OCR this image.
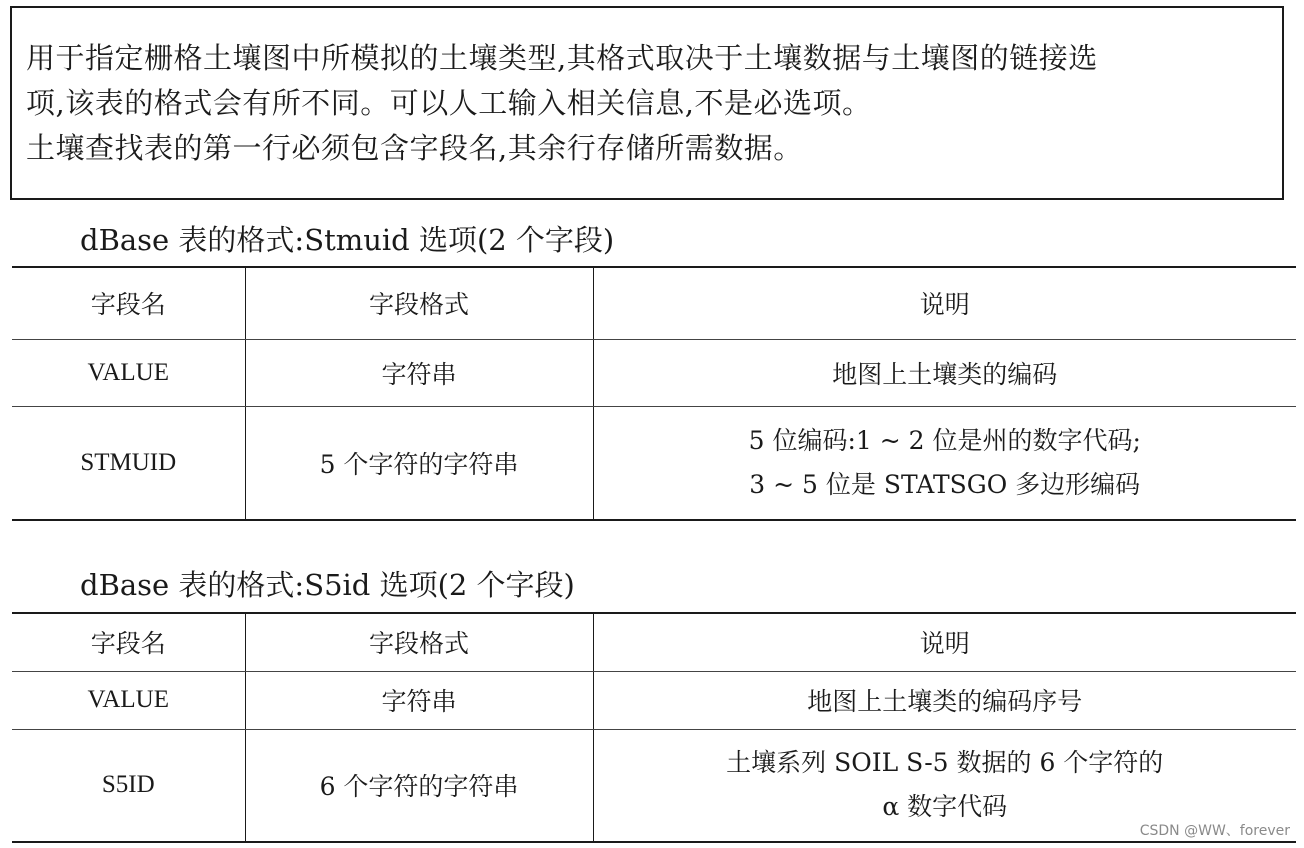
用于指定栅格土壤图中所模拟的土壤类型,其格式取决于土壤数据与土壤图的链接选
项,该表的格式会有所不同。可以人工输入相关信息,不是必选项。
土壤查找表的第一行必须包含字段名,其余行存储所需数据。
dBase 表的格式:Stmuid 选项(2 个字段)
字段名	字段格式	说明
VALUE	字符串	地图上土壤类的编码
STMUID	5 个字符的字符串	5 位编码:1 ~ 2 位是州的数字代码;
3 ~ 5 位是 STATSGO 多边形编码
dBase 表的格式:S5id 选项(2 个字段)
字段名	字段格式	说明
VALUE	字符串	地图上土壤类的编码序号
S5ID	6 个字符的字符串	土壤系列 SOIL S-5 数据的 6 个字符的
α 数字代码
CSDN @WW、forever
